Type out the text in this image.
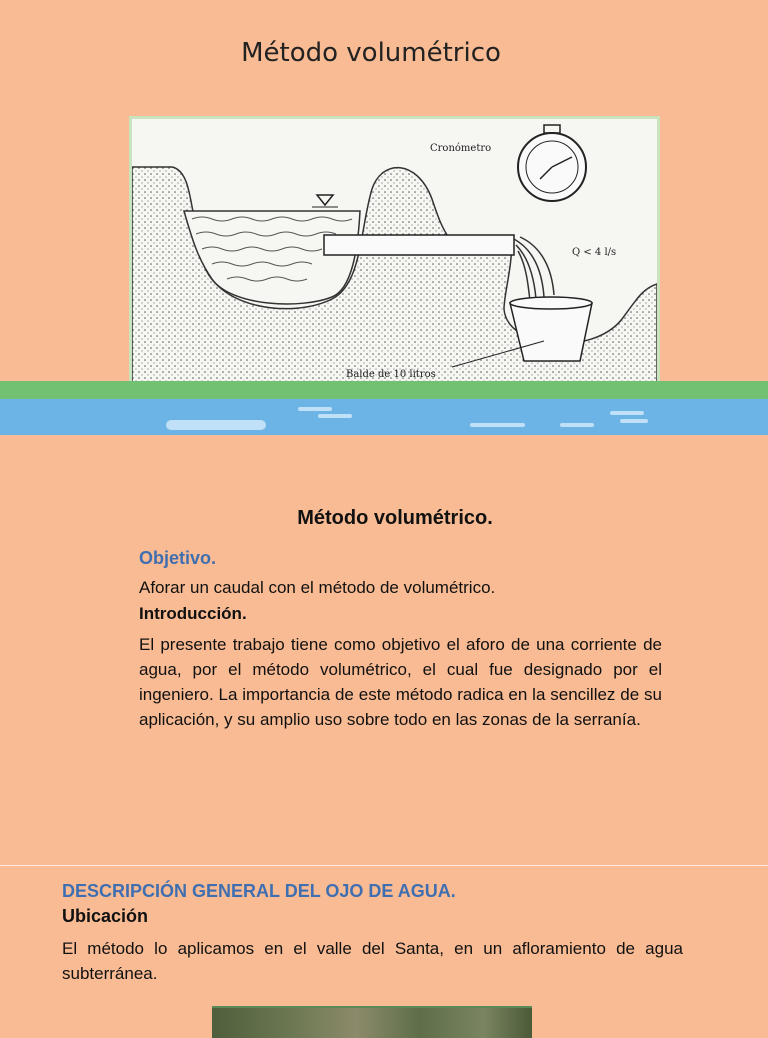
Método volumétrico
Cronómetro
Q < 4 l/s
Balde de 10 litros
Método volumétrico.
Objetivo.
Aforar un caudal con el método de volumétrico.
Introducción.
El presente trabajo tiene como objetivo el aforo de una corriente de agua, por el método volumétrico, el cual fue designado por el ingeniero. La importancia de este método radica en la sencillez de su aplicación, y su amplio uso sobre todo en las zonas de la serranía.
DESCRIPCIÓN GENERAL DEL OJO DE AGUA.
Ubicación
El método lo aplicamos en el valle del Santa, en un afloramiento de agua subterránea.
